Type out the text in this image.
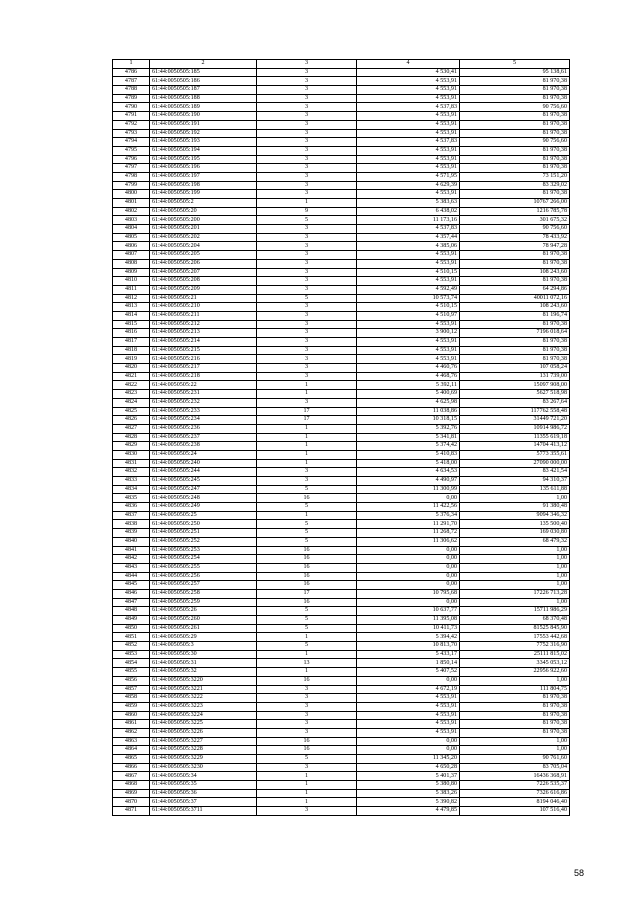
1	2	3	4	5
4786	61:44:0050505:185	3	4 530,41	95 138,61
4787	61:44:0050505:186	3	4 553,91	81 970,38
4788	61:44:0050505:187	3	4 553,91	81 970,38
4789	61:44:0050505:188	3	4 553,91	81 970,38
4790	61:44:0050505:189	3	4 537,83	90 756,60
4791	61:44:0050505:190	3	4 553,91	81 970,38
4792	61:44:0050505:191	3	4 553,91	81 970,38
4793	61:44:0050505:192	3	4 553,91	81 970,38
4794	61:44:0050505:193	3	4 537,83	90 756,60
4795	61:44:0050505:194	3	4 553,91	81 970,38
4796	61:44:0050505:195	3	4 553,91	81 970,38
4797	61:44:0050505:196	3	4 553,91	81 970,38
4798	61:44:0050505:197	3	4 571,95	73 151,20
4799	61:44:0050505:198	3	4 629,39	83 329,02
4800	61:44:0050505:199	3	4 553,91	81 970,38
4801	61:44:0050505:2	1	5 383,63	10767 266,00
4802	61:44:0050505:20	9	6 438,02	1216 785,78
4803	61:44:0050505:200	5	11 173,16	301 675,32
4804	61:44:0050505:201	3	4 537,83	90 756,60
4805	61:44:0050505:202	3	4 357,44	78 433,92
4806	61:44:0050505:204	3	4 385,06	78 947,28
4807	61:44:0050505:205	3	4 553,91	81 970,38
4808	61:44:0050505:206	3	4 553,91	81 970,38
4809	61:44:0050505:207	3	4 510,15	108 243,60
4810	61:44:0050505:208	3	4 553,91	81 970,38
4811	61:44:0050505:209	3	4 592,49	64 294,86
4812	61:44:0050505:21	5	10 573,74	40011 072,16
4813	61:44:0050505:210	3	4 510,15	108 243,60
4814	61:44:0050505:211	3	4 510,97	81 196,74
4815	61:44:0050505:212	3	4 553,91	81 970,38
4816	61:44:0050505:213	3	3 900,12	7196 018,64
4817	61:44:0050505:214	3	4 553,91	81 970,38
4818	61:44:0050505:215	3	4 553,91	81 970,38
4819	61:44:0050505:216	3	4 553,91	81 970,38
4820	61:44:0050505:217	3	4 460,76	107 058,24
4821	61:44:0050505:218	3	4 468,76	131 739,00
4822	61:44:0050505:22	1	5 392,11	15097 908,00
4823	61:44:0050505:231	1	5 400,69	5627 518,98
4824	61:44:0050505:232	3	4 625,98	83 267,64
4825	61:44:0050505:233	17	11 038,86	117762 558,48
4826	61:44:0050505:234	17	10 318,15	31449 721,20
4827	61:44:0050505:236	1	5 392,76	10914 986,72
4828	61:44:0050505:237	1	5 341,81	11355 619,18
4829	61:44:0050505:238	1	5 374,42	14704 413,12
4830	61:44:0050505:24	1	5 410,83	5773 355,61
4831	61:44:0050505:240	1	5 418,00	27090 000,00
4832	61:44:0050505:244	3	4 634,53	83 421,54
4833	61:44:0050505:245	3	4 490,97	94 310,37
4834	61:44:0050505:247	5	11 300,99	135 611,88
4835	61:44:0050505:248	16	0,00	1,00
4836	61:44:0050505:249	5	11 422,56	91 380,48
4837	61:44:0050505:25	1	5 376,34	9094 346,32
4838	61:44:0050505:250	5	11 291,70	135 500,40
4839	61:44:0050505:251	5	11 268,72	169 030,80
4840	61:44:0050505:252	5	11 306,62	68 479,32
4841	61:44:0050505:253	16	0,00	1,00
4842	61:44:0050505:254	16	0,00	1,00
4843	61:44:0050505:255	16	0,00	1,00
4844	61:44:0050505:256	16	0,00	1,00
4845	61:44:0050505:257	16	0,00	1,00
4846	61:44:0050505:258	17	10 795,68	17226 713,28
4847	61:44:0050505:259	16	0,00	1,00
4848	61:44:0050505:26	5	10 637,77	15711 986,29
4849	61:44:0050505:260	5	11 395,08	68 370,48
4850	61:44:0050505:261	5	10 411,73	81525 845,90
4851	61:44:0050505:29	1	5 394,42	17553 442,68
4852	61:44:0050505:3	5	10 813,70	7752 316,90
4853	61:44:0050505:30	1	5 433,17	25111 815,02
4854	61:44:0050505:31	13	1 850,14	3345 053,12
4855	61:44:0050505:32	1	5 407,52	22956 922,60
4856	61:44:0050505:3220	16	0,00	1,00
4857	61:44:0050505:3221	3	4 672,19	111 804,75
4858	61:44:0050505:3222	3	4 553,91	81 970,38
4859	61:44:0050505:3223	3	4 553,91	81 970,38
4860	61:44:0050505:3224	3	4 553,91	81 970,38
4861	61:44:0050505:3225	3	4 553,91	81 970,38
4862	61:44:0050505:3226	3	4 553,91	81 970,38
4863	61:44:0050505:3227	16	0,00	1,00
4864	61:44:0050505:3228	16	0,00	1,00
4865	61:44:0050505:3229	5	11 345,20	90 761,60
4866	61:44:0050505:3230	3	4 650,28	83 705,04
4867	61:44:0050505:34	1	5 401,37	16436 368,91
4868	61:44:0050505:35	1	5 380,80	7226 535,37
4869	61:44:0050505:36	1	5 383,26	7326 616,86
4870	61:44:0050505:37	1	5 390,82	8194 046,40
4871	61:44:0050505:3711	3	4 479,85	107 516,40
58
